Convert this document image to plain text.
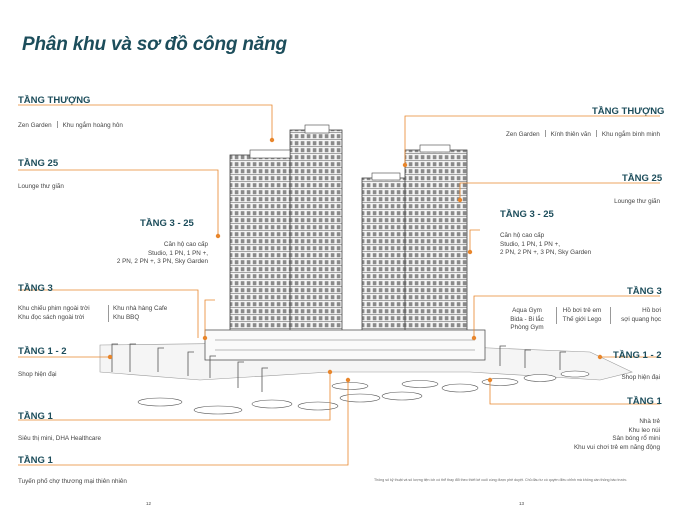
Phân khu và sơ đồ công năng
TẦNG THƯỢNG
Zen Garden Khu ngắm hoàng hôn
TẦNG 25
Lounge thư giãn
TẦNG 3 - 25
Căn hộ cao cấp
Studio, 1 PN, 1 PN +,
2 PN, 2 PN +, 3 PN, Sky Garden
TẦNG 3
Khu chiếu phim ngoài trời
Khu đọc sách ngoài trời
Khu nhà hàng Cafe
Khu BBQ
TẦNG 1 - 2
Shop hiện đại
TẦNG 1
Siêu thị mini, DHA Healthcare
TẦNG 1
Tuyến phố chợ thương mại thiên nhiên
12
TẦNG THƯỢNG
Zen Garden Kính thiên văn Khu ngắm bình minh
TẦNG 25
Lounge thư giãn
TẦNG 3 - 25
Căn hộ cao cấp
Studio, 1 PN, 1 PN +,
2 PN, 2 PN +, 3 PN, Sky Garden
TẦNG 3
Aqua Gym
Bida - Bi lắc
Phòng Gym
Hồ bơi trẻ em
Thế giới Lego
Hồ bơi
sợi quang học
TẦNG 1 - 2
Shop hiện đại
TẦNG 1
Nhà trẻ
Khu leo núi
Sân bóng rổ mini
Khu vui chơi trẻ em năng động
Thông số kỹ thuật và số lượng tiện ích có thể thay đổi theo thiết kế cuối cùng được phê duyệt. Chủ đầu tư có quyền điều chỉnh mà không cần thông báo trước.
13
